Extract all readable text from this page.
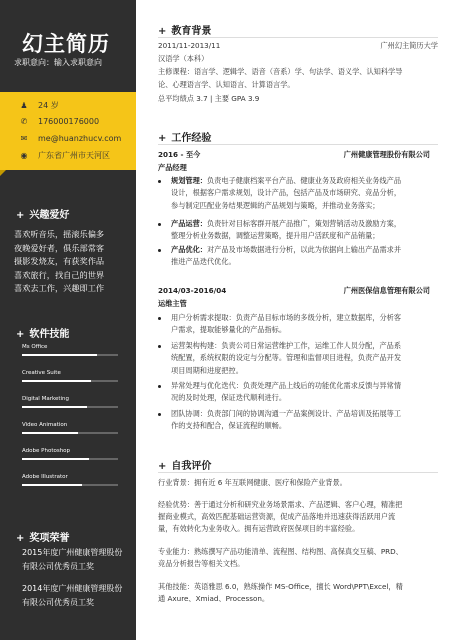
幻主简历
求职意向：输入求职意向
♟	24 岁
✆	176000176000
✉	me@huanzhucv.com
◉	广东省广州市天河区
+ 兴趣爱好
喜欢听音乐，摇滚乐偏多
夜晚爱好者，俱乐部常客
摄影发烧友，有获奖作品
喜欢旅行，找自己的世界
喜欢去工作，兴趣即工作
+ 软件技能
Ms Office
Creative Suite
Digital Marketing
Video Animation
Adobe Photoshop
Adobe Illustrator
+ 奖项荣誉
2015年度广州健康管理股份
有限公司优秀员工奖
2014年度广州健康管理股份
有限公司优秀员工奖
+ 教育背景
2011/11-2013/11	广州幻主简历大学
汉语学（本科）
主修课程：语言学、逻辑学、语音（音系）学、句法学、语义学、认知科学导
论、心理语言学、认知语言、计算语言学。
总平均绩点 3.7 | 主要 GPA 3.9
+ 工作经验
2016 - 至今	广州健康管理股份有限公司
产品经理
规划管理：负责电子健康档案平台产品、健康业务及政府相关业务线产品
设计，根据客户需求规划，设计产品，包括产品及市场研究、竞品分析，
参与制定匹配业务结果逻辑的产品规划与策略，并推动业务落实；
产品运营：负责针对目标客群开展产品推广，策划营销活动及激励方案，
整理分析业务数据，调整运营策略，提升用户活跃度和产品销量；
产品优化：对产品及市场数据进行分析，以此为依据向上输出产品需求并
推进产品迭代优化。
2014/03-2016/04	广州医保信息管理有限公司
运维主管
用户分析需求提取：负责产品目标市场的多级分析，建立数据库，分析客
户需求，提取能够量化的产品指标。
运营架构构建：负责公司日常运营维护工作，运维工作人员分配，产品系
统配置，系统权限的设定与分配等。管理和监督项目进程，负责产品开发
项目周期和进度把控。
异常处理与优化迭代：负责处理产品上线后的功能优化需求反馈与异常情
况的及时处理，保证迭代顺利进行。
团队协调：负责部门间的协调沟通一产品案例设计、产品培训及拓展等工
作的支持和配合，保证流程的顺畅。
+ 自我评价
行业背景：拥有近 6 年互联网健康、医疗和保险产业背景。
经验优势：善于通过分析和研究业务场景需求、产品逻辑、客户心理，精准把
握商业模式，高效匹配基础运营资源，促成产品落地并迅速获得活跃用户流
量，有效转化为业务收入。拥有运营政府医保项目的丰富经验。
专业能力：熟练撰写产品功能清单、流程图、结构图、高保真交互稿、PRD、
竞品分析报告等相关文档。
其他技能：英语雅思 6.0，熟练操作 MS-Office，擅长 Word\PPT\Excel，精
通 Axure、Xmiad、Processon。
